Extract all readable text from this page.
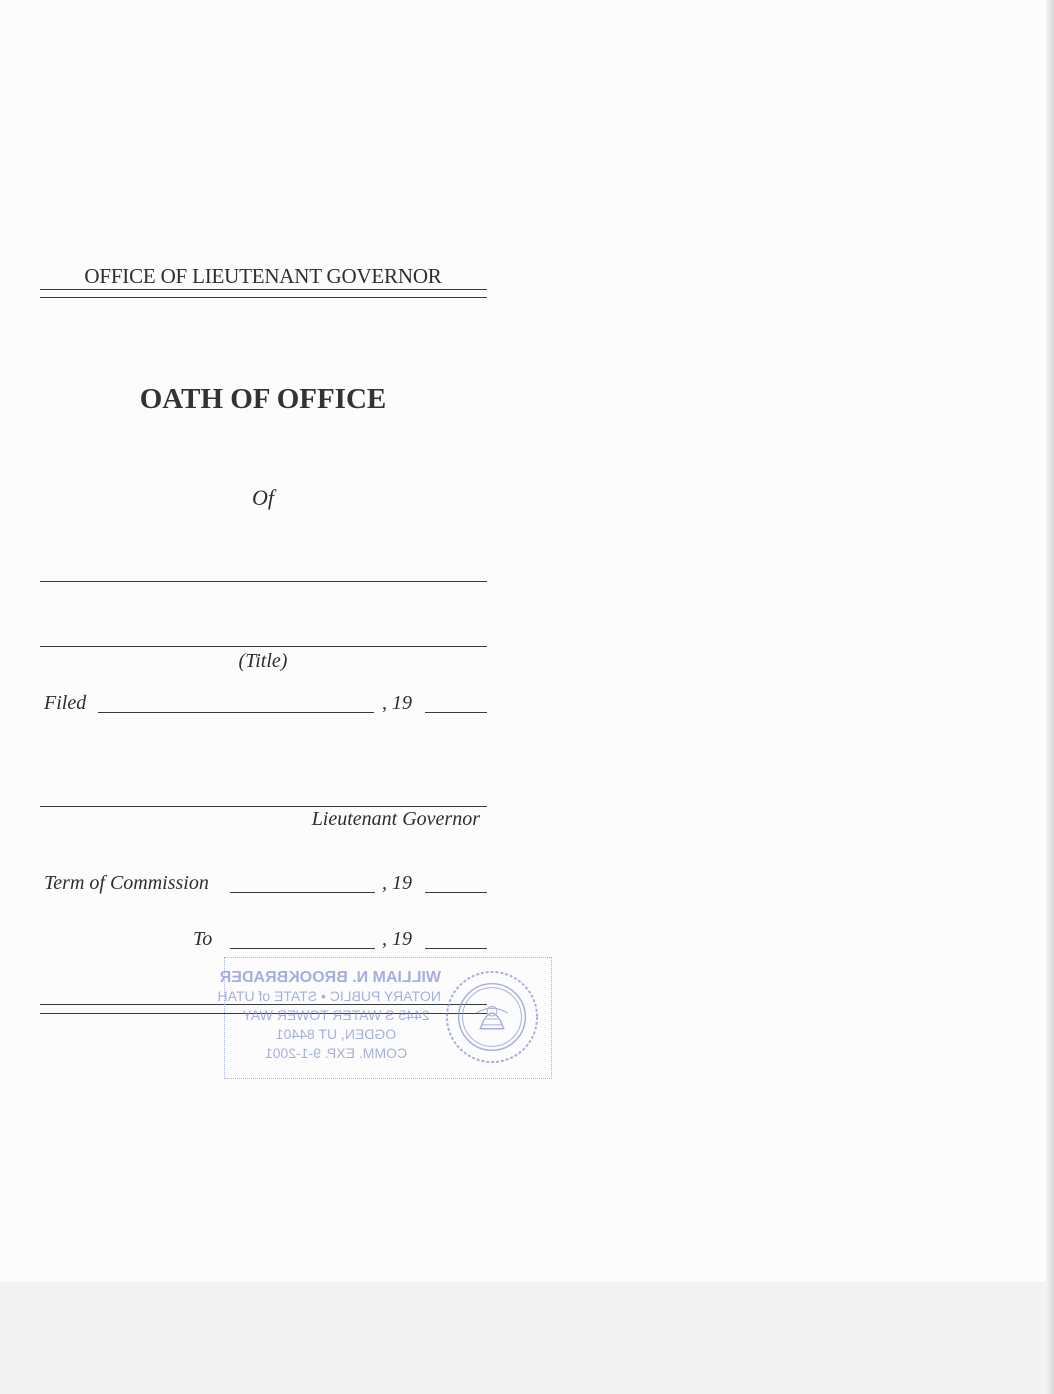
OFFICE OF LIEUTENANT GOVERNOR
OATH OF OFFICE
Of
(Title)
Filed	, 19
Lieutenant Governor
Term of Commission	, 19
To	, 19
WILLIAM N. BROOKBRADER
NOTARY PUBLIC • STATE of UTAH
2445 S WATER TOWER WAY
OGDEN, UT 84401
COMM. EXP. 9-1-2001
